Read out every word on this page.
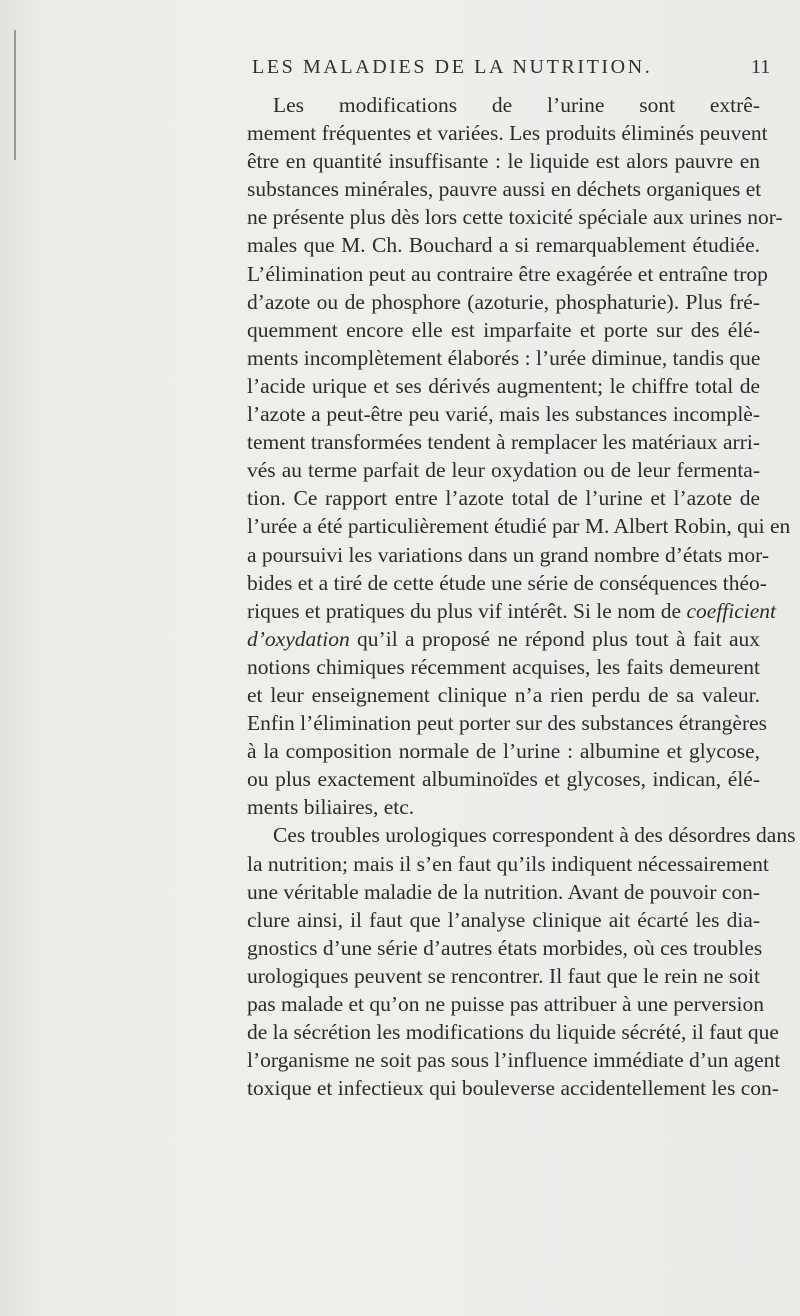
LES MALADIES DE LA NUTRITION.	11
Les modifications de l’urine sont extrê-
mement fréquentes et variées. Les produits éliminés peuvent
être en quantité insuffisante : le liquide est alors pauvre en
substances minérales, pauvre aussi en déchets organiques et
ne présente plus dès lors cette toxicité spéciale aux urines nor-
males que M. Ch. Bouchard a si remarquablement étudiée.
L’élimination peut au contraire être exagérée et entraîne trop
d’azote ou de phosphore (azoturie, phosphaturie). Plus fré-
quemment encore elle est imparfaite et porte sur des élé-
ments incomplètement élaborés : l’urée diminue, tandis que
l’acide urique et ses dérivés augmentent; le chiffre total de
l’azote a peut-être peu varié, mais les substances incomplè-
tement transformées tendent à remplacer les matériaux arri-
vés au terme parfait de leur oxydation ou de leur fermenta-
tion. Ce rapport entre l’azote total de l’urine et l’azote de
l’urée a été particulièrement étudié par M. Albert Robin, qui en
a poursuivi les variations dans un grand nombre d’états mor-
bides et a tiré de cette étude une série de conséquences théo-
riques et pratiques du plus vif intérêt. Si le nom de coefficient
d’oxydation qu’il a proposé ne répond plus tout à fait aux
notions chimiques récemment acquises, les faits demeurent
et leur enseignement clinique n’a rien perdu de sa valeur.
Enfin l’élimination peut porter sur des substances étrangères
à la composition normale de l’urine : albumine et glycose,
ou plus exactement albuminoïdes et glycoses, indican, élé-
ments biliaires, etc.
Ces troubles urologiques correspondent à des désordres dans
la nutrition; mais il s’en faut qu’ils indiquent nécessairement
une véritable maladie de la nutrition. Avant de pouvoir con-
clure ainsi, il faut que l’analyse clinique ait écarté les dia-
gnostics d’une série d’autres états morbides, où ces troubles
urologiques peuvent se rencontrer. Il faut que le rein ne soit
pas malade et qu’on ne puisse pas attribuer à une perversion
de la sécrétion les modifications du liquide sécrété, il faut que
l’organisme ne soit pas sous l’influence immédiate d’un agent
toxique et infectieux qui bouleverse accidentellement les con-
